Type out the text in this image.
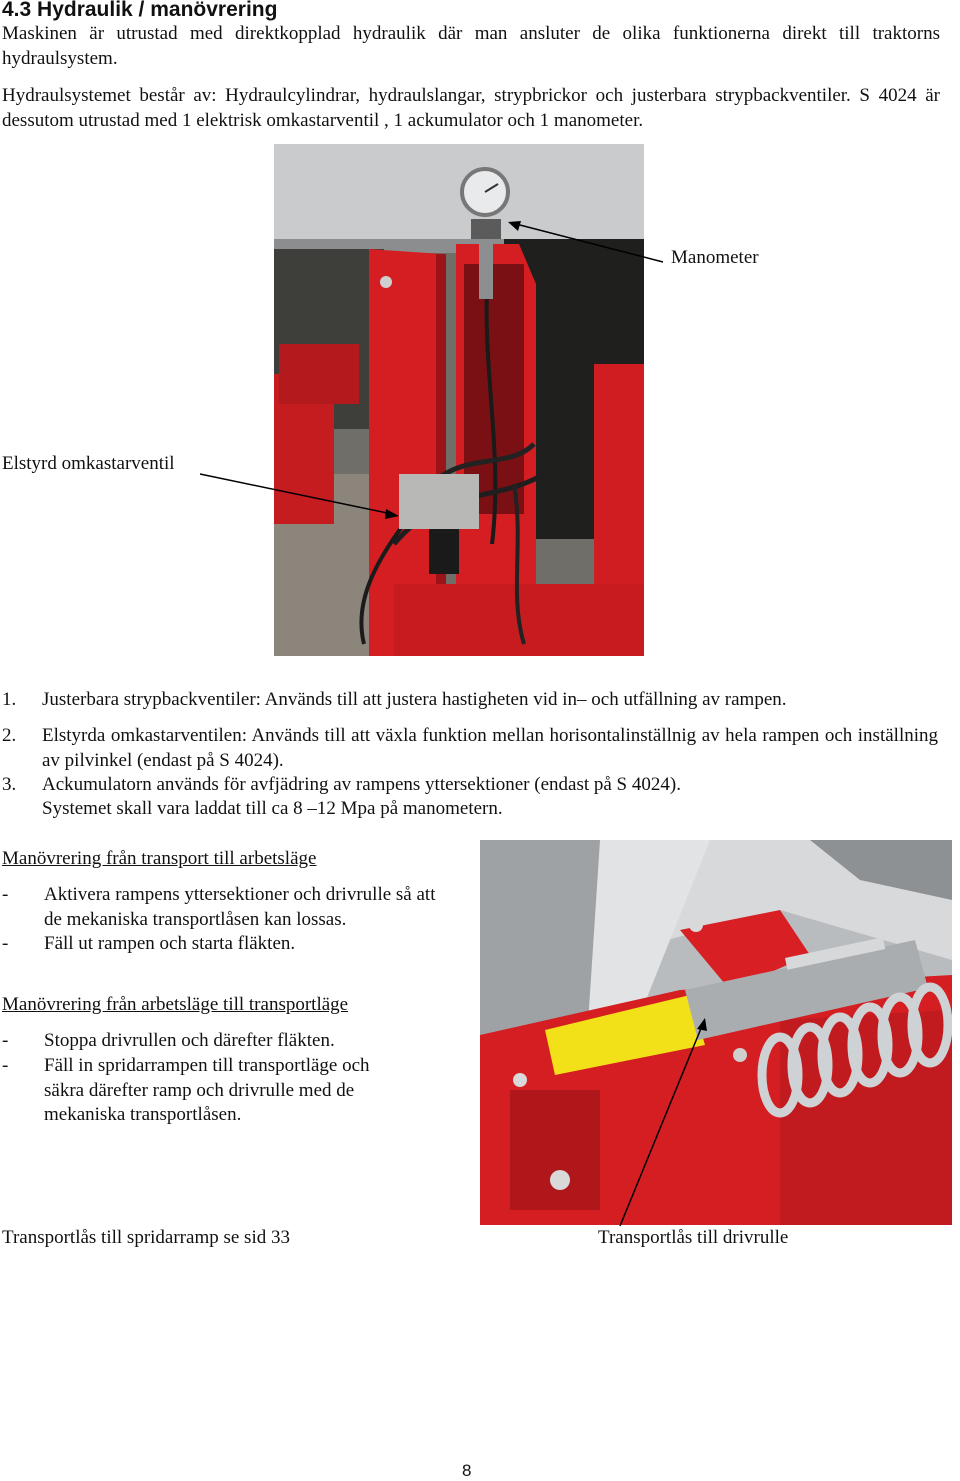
4.3 Hydraulik / manövrering
Maskinen är utrustad med direktkopplad hydraulik där man ansluter de olika funktionerna direkt till traktorns hydraulsystem.
Hydraulsystemet består av: Hydraulcylindrar, hydraulslangar, strypbrickor och justerbara strypbackventiler. S 4024 är dessutom utrustad med 1 elektrisk omkastarventil , 1 ackumulator och 1 manometer.
Manometer
Elstyrd omkastarventil
1. Justerbara strypbackventiler: Används till att justera hastigheten vid in– och utfällning av rampen.
2. Elstyrda omkastarventilen: Används till att växla funktion mellan horisontalinställnig av hela rampen och inställning av pilvinkel (endast på S 4024).
3. Ackumulatorn används för avfjädring av rampens yttersektioner (endast på S 4024).
Systemet skall vara laddat till ca 8 –12 Mpa på manometern.
Manövrering från transport till arbetsläge
- Aktivera rampens yttersektioner och drivrulle så att de mekaniska transportlåsen kan lossas.
- Fäll ut rampen och starta fläkten.
Manövrering från arbetsläge till transportläge
- Stoppa drivrullen och därefter fläkten.
- Fäll in spridarrampen till transportläge och säkra därefter ramp och drivrulle med de mekaniska transportlåsen.
Transportlås till spridarramp se sid 33	Transportlås till drivrulle
8
